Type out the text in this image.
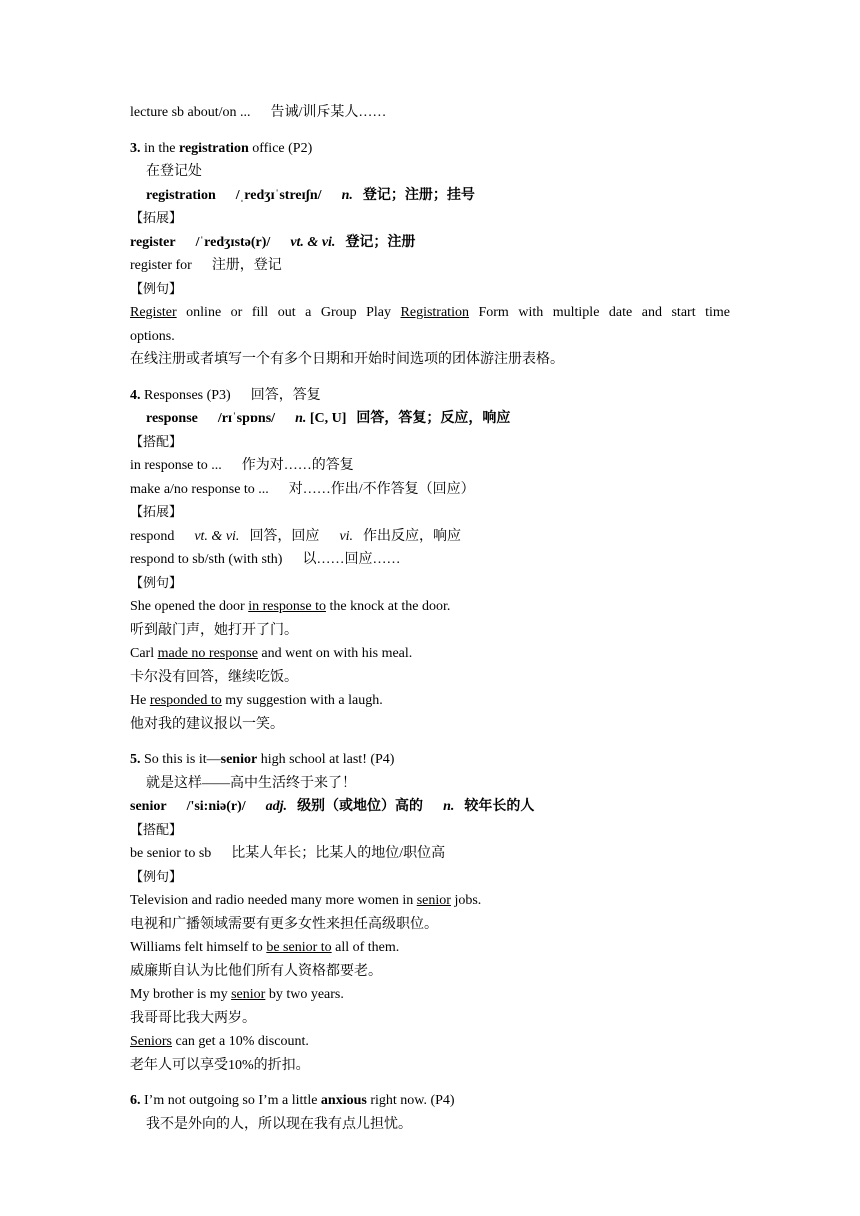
lecture sb about/on ... 告诫/训斥某人……
3. in the registration office (P2)
在登记处
registration /ˌredʒɪˈstreɪʃn/ n. 登记；注册；挂号
【拓展】
register /ˈredʒɪstə(r)/ vt. & vi. 登记；注册
register for 注册，登记
【例句】
Register online or fill out a Group Play Registration Form with multiple date and start time
options.
在线注册或者填写一个有多个日期和开始时间选项的团体游注册表格。
4. Responses (P3) 回答，答复
response /rɪˈspɒns/ n. [C, U] 回答，答复；反应，响应
【搭配】
in response to ... 作为对……的答复
make a/no response to ... 对……作出/不作答复（回应）
【拓展】
respond vt. & vi. 回答，回应 vi. 作出反应，响应
respond to sb/sth (with sth) 以……回应……
【例句】
She opened the door in response to the knock at the door.
听到敲门声，她打开了门。
Carl made no response and went on with his meal.
卡尔没有回答，继续吃饭。
He responded to my suggestion with a laugh.
他对我的建议报以一笑。
5. So this is it—senior high school at last! (P4)
就是这样——高中生活终于来了！
senior /'si:niə(r)/ adj. 级别（或地位）高的 n. 较年长的人
【搭配】
be senior to sb 比某人年长；比某人的地位/职位高
【例句】
Television and radio needed many more women in senior jobs.
电视和广播领域需要有更多女性来担任高级职位。
Williams felt himself to be senior to all of them.
威廉斯自认为比他们所有人资格都要老。
My brother is my senior by two years.
我哥哥比我大两岁。
Seniors can get a 10% discount.
老年人可以享受10%的折扣。
6. I’m not outgoing so I’m a little anxious right now. (P4)
我不是外向的人，所以现在我有点儿担忧。
